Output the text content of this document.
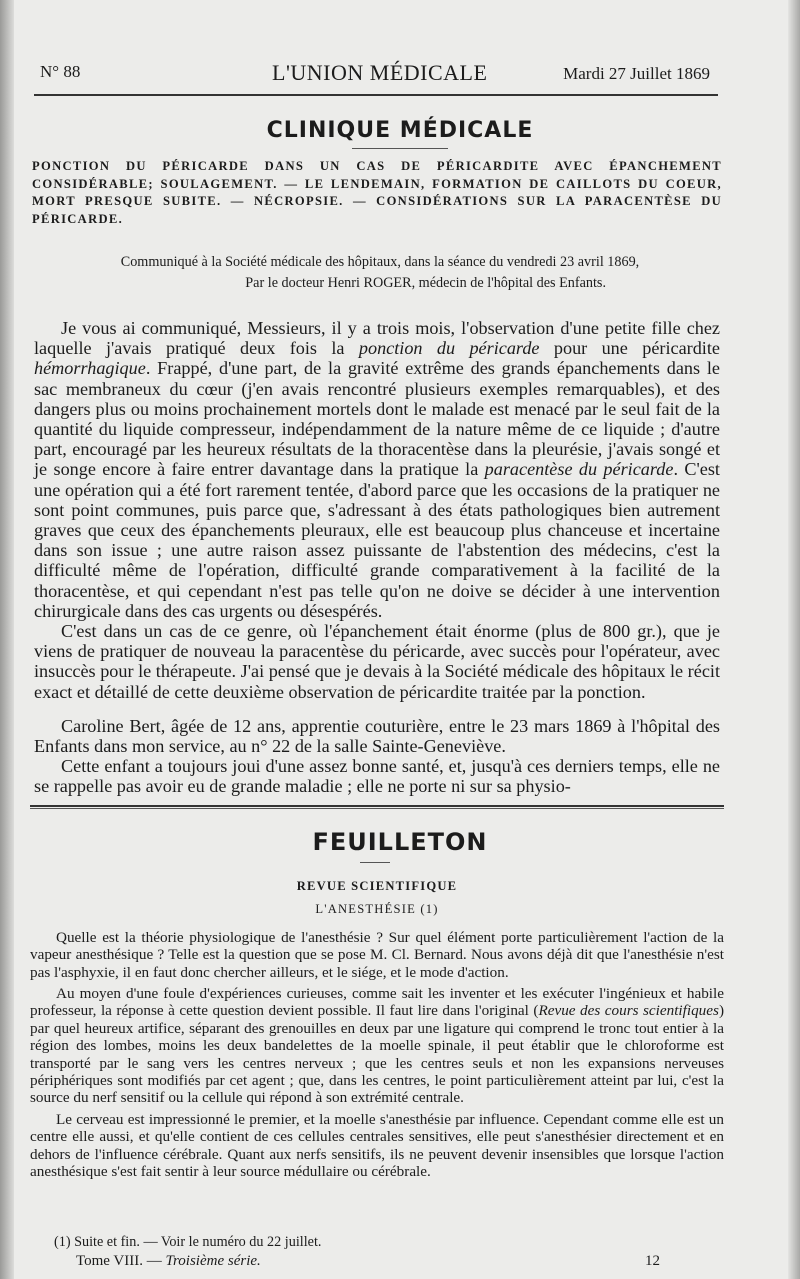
N° 88	L'UNION MÉDICALE	Mardi 27 Juillet 1869
CLINIQUE MÉDICALE
PONCTION DU PÉRICARDE DANS UN CAS DE PÉRICARDITE AVEC ÉPANCHEMENT CONSIDÉRABLE; SOULAGEMENT. — LE LENDEMAIN, FORMATION DE CAILLOTS DU COEUR, MORT PRESQUE SUBITE. — NÉCROPSIE. — CONSIDÉRATIONS SUR LA PARACENTÈSE DU PÉRICARDE.
Communiqué à la Société médicale des hôpitaux, dans la séance du vendredi 23 avril 1869,
Par le docteur Henri ROGER, médecin de l'hôpital des Enfants.

Je vous ai communiqué, Messieurs, il y a trois mois, l'observation d'une petite fille chez laquelle j'avais pratiqué deux fois la ponction du péricarde pour une péricardite hémorrhagique. Frappé, d'une part, de la gravité extrême des grands épanchements dans le sac membraneux du cœur (j'en avais rencontré plusieurs exemples remarquables), et des dangers plus ou moins prochainement mortels dont le malade est menacé par le seul fait de la quantité du liquide compresseur, indépendamment de la nature même de ce liquide ; d'autre part, encouragé par les heureux résultats de la thoracentèse dans la pleurésie, j'avais songé et je songe encore à faire entrer davantage dans la pratique la paracentèse du péricarde. C'est une opération qui a été fort rarement tentée, d'abord parce que les occasions de la pratiquer ne sont point communes, puis parce que, s'adressant à des états pathologiques bien autrement graves que ceux des épanchements pleuraux, elle est beaucoup plus chanceuse et incertaine dans son issue ; une autre raison assez puissante de l'abstention des médecins, c'est la difficulté même de l'opération, difficulté grande comparativement à la facilité de la thoracentèse, et qui cependant n'est pas telle qu'on ne doive se décider à une intervention chirurgicale dans des cas urgents ou désespérés.

C'est dans un cas de ce genre, où l'épanchement était énorme (plus de 800 gr.), que je viens de pratiquer de nouveau la paracentèse du péricarde, avec succès pour l'opérateur, avec insuccès pour le thérapeute. J'ai pensé que je devais à la Société médicale des hôpitaux le récit exact et détaillé de cette deuxième observation de péricardite traitée par la ponction.

Caroline Bert, âgée de 12 ans, apprentie couturière, entre le 23 mars 1869 à l'hôpital des Enfants dans mon service, au n° 22 de la salle Sainte-Geneviève.

Cette enfant a toujours joui d'une assez bonne santé, et, jusqu'à ces derniers temps, elle ne se rappelle pas avoir eu de grande maladie ; elle ne porte ni sur sa physio-

FEUILLETON

REVUE SCIENTIFIQUE

L'ANESTHÉSIE (1)

Quelle est la théorie physiologique de l'anesthésie ? Sur quel élément porte particulièrement l'action de la vapeur anesthésique ? Telle est la question que se pose M. Cl. Bernard. Nous avons déjà dit que l'anesthésie n'est pas l'asphyxie, il en faut donc chercher ailleurs, et le siége, et le mode d'action.

Au moyen d'une foule d'expériences curieuses, comme sait les inventer et les exécuter l'ingénieux et habile professeur, la réponse à cette question devient possible. Il faut lire dans l'original (Revue des cours scientifiques) par quel heureux artifice, séparant des grenouilles en deux par une ligature qui comprend le tronc tout entier à la région des lombes, moins les deux bandelettes de la moelle spinale, il peut établir que le chloroforme est transporté par le sang vers les centres nerveux ; que les centres seuls et non les expansions nerveuses périphériques sont modifiés par cet agent ; que, dans les centres, le point particulièrement atteint par lui, c'est la source du nerf sensitif ou la cellule qui répond à son extrémité centrale.

Le cerveau est impressionné le premier, et la moelle s'anesthésie par influence. Cependant comme elle est un centre elle aussi, et qu'elle contient de ces cellules centrales sensitives, elle peut s'anesthésier directement et en dehors de l'influence cérébrale. Quant aux nerfs sensitifs, ils ne peuvent devenir insensibles que lorsque l'action anesthésique s'est fait sentir à leur source médullaire ou cérébrale.

(1) Suite et fin. — Voir le numéro du 22 juillet.
Tome VIII. — Troisième série.	12
